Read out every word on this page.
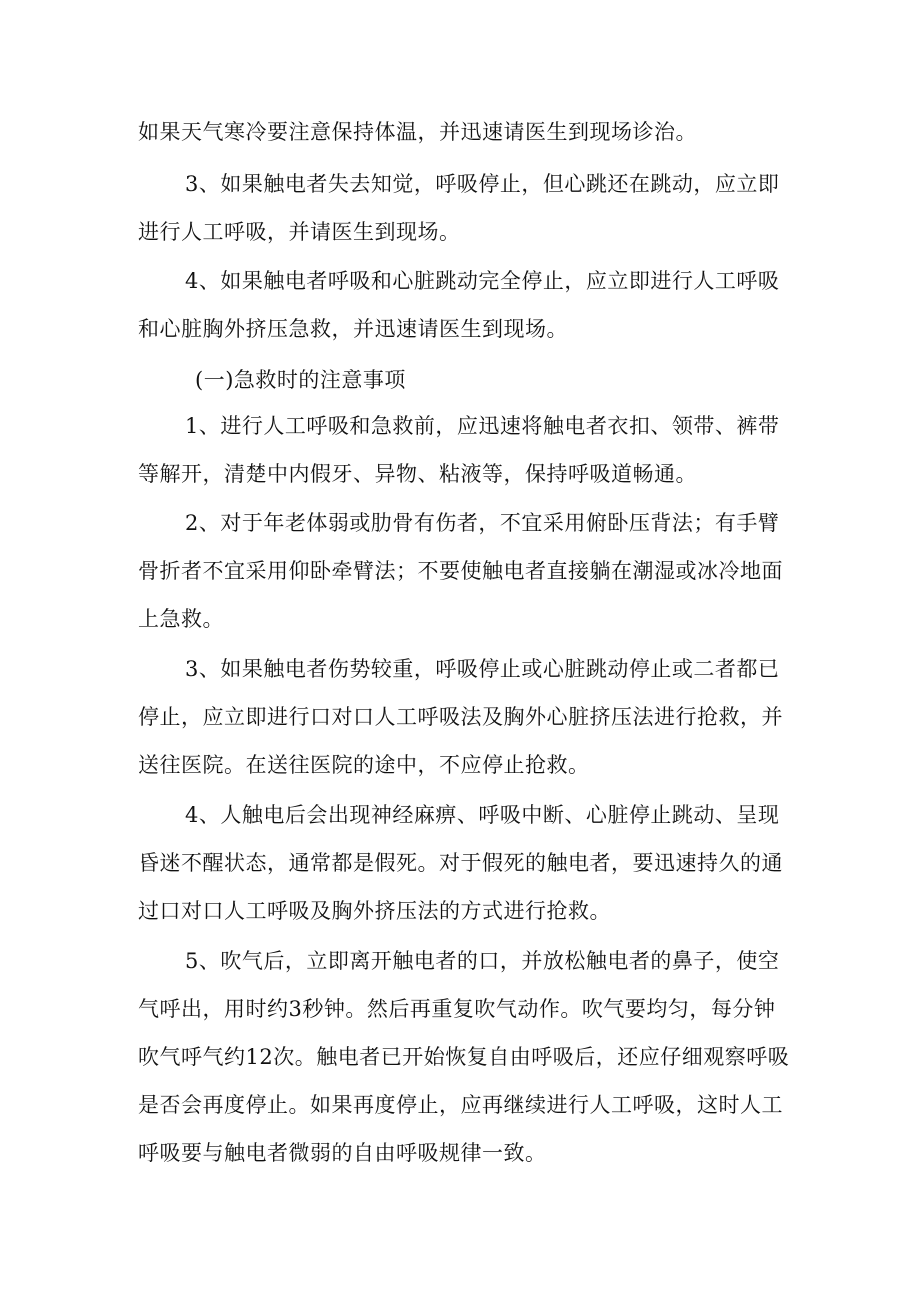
如果天气寒冷要注意保持体温，并迅速请医生到现场诊治。
3、如果触电者失去知觉，呼吸停止，但心跳还在跳动，应立即
进行人工呼吸，并请医生到现场。
4、如果触电者呼吸和心脏跳动完全停止，应立即进行人工呼吸
和心脏胸外挤压急救，并迅速请医生到现场。
(一)急救时的注意事项
1、进行人工呼吸和急救前，应迅速将触电者衣扣、领带、裤带
等解开，清楚中内假牙、异物、粘液等，保持呼吸道畅通。
2、对于年老体弱或肋骨有伤者，不宜采用俯卧压背法；有手臂
骨折者不宜采用仰卧牵臂法；不要使触电者直接躺在潮湿或冰冷地面
上急救。
3、如果触电者伤势较重，呼吸停止或心脏跳动停止或二者都已
停止，应立即进行口对口人工呼吸法及胸外心脏挤压法进行抢救，并
送往医院。在送往医院的途中，不应停止抢救。
4、人触电后会出现神经麻痹、呼吸中断、心脏停止跳动、呈现
昏迷不醒状态，通常都是假死。对于假死的触电者，要迅速持久的通
过口对口人工呼吸及胸外挤压法的方式进行抢救。
5、吹气后，立即离开触电者的口，并放松触电者的鼻子，使空
气呼出，用时约3秒钟。然后再重复吹气动作。吹气要均匀，每分钟
吹气呼气约12次。触电者已开始恢复自由呼吸后，还应仔细观察呼吸
是否会再度停止。如果再度停止，应再继续进行人工呼吸，这时人工
呼吸要与触电者微弱的自由呼吸规律一致。
